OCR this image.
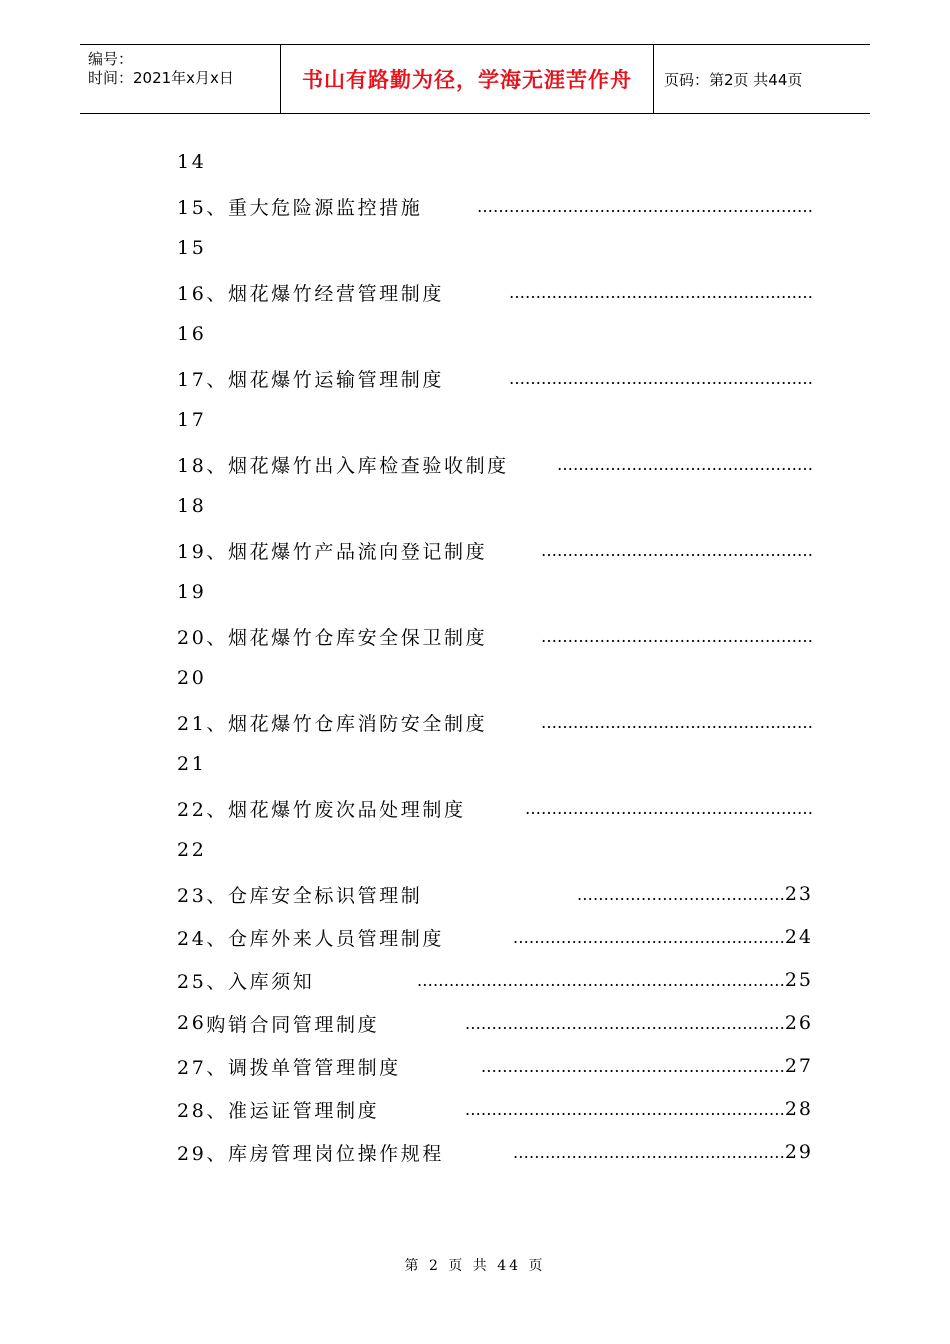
编号：
时间：2021年x月x日	书山有路勤为径，学海无涯苦作舟	页码：第2页 共44页
14
15、 重大危险源监控措施	………………………………………………………
15
16、 烟花爆竹经营管理制度	…………………………………………………
16
17、 烟花爆竹运输管理制度	…………………………………………………
17
18、 烟花爆竹出入库检查验收制度	…………………………………………
18
19、 烟花爆竹产品流向登记制度	……………………………………………
19
20、 烟花爆竹仓库安全保卫制度	……………………………………………
20
21、 烟花爆竹仓库消防安全制度	……………………………………………
21
22、 烟花爆竹废次品处理制度	………………………………………………
22
23、 仓库安全标识管理制	………………………………… 23
24、 仓库外来人员管理制度	…………………………………………… 24
25、 入库须知	…………………………………………………………… 25
26 购销合同管理制度	…………………………………………………… 26
27、 调拨单管管理制度	………………………………………………… 27
28、 准运证管理制度	…………………………………………………… 28
29、 库房管理岗位操作规程	…………………………………………… 29
第 2 页 共 44 页
